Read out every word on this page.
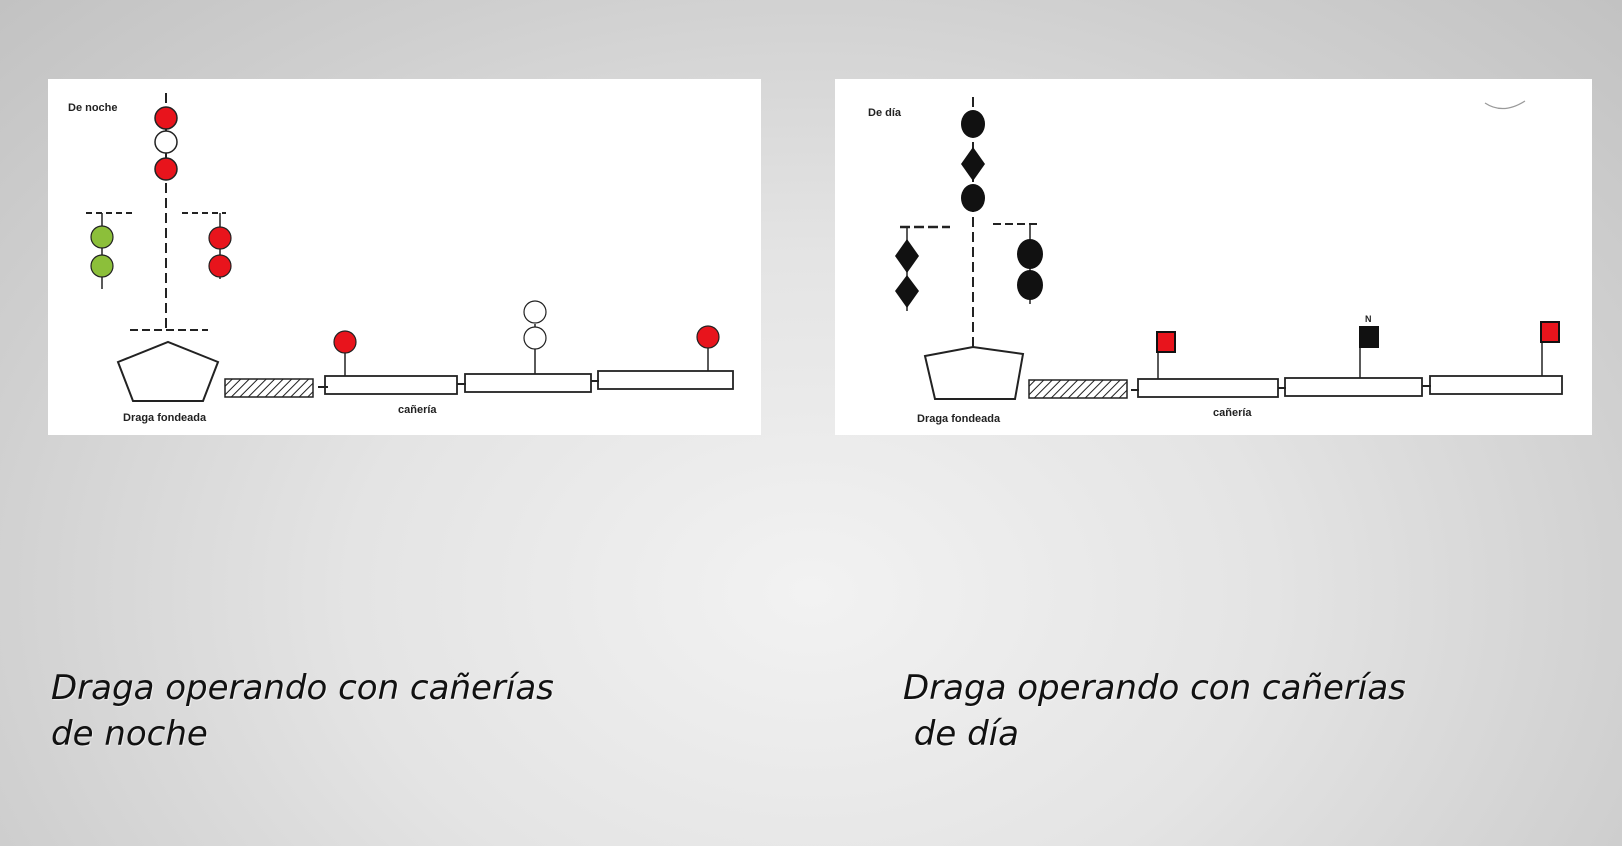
De noche
Draga fondeada
cañería
De día
Draga fondeada	cañería
N
Draga operando con cañerías
de noche
Draga operando con cañerías
de día
